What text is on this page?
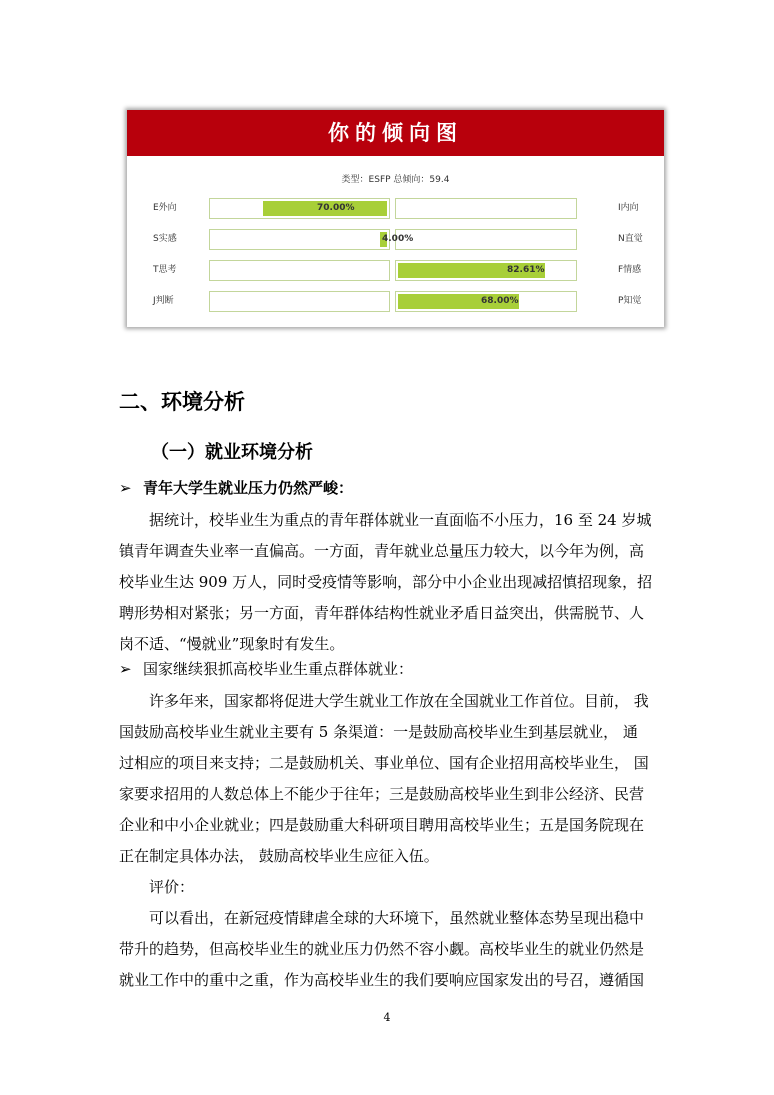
你的倾向图
类型：ESFP 总倾向：59.4
E外向	I内向
70.00%
S实感	N直觉
4.00%
T思考	F情感
82.61%
J判断	P知觉
68.00%
二、环境分析
（一）就业环境分析
➢ 青年大学生就业压力仍然严峻：
据统计，校毕业生为重点的青年群体就业一直面临不小压力，16 至 24 岁城
镇青年调查失业率一直偏高。一方面，青年就业总量压力较大，以今年为例，高
校毕业生达 909 万人，同时受疫情等影响，部分中小企业出现减招慎招现象，招
聘形势相对紧张；另一方面，青年群体结构性就业矛盾日益突出，供需脱节、人
岗不适、“慢就业”现象时有发生。
➢ 国家继续狠抓高校毕业生重点群体就业：
许多年来，国家都将促进大学生就业工作放在全国就业工作首位。目前， 我
国鼓励高校毕业生就业主要有 5 条渠道：一是鼓励高校毕业生到基层就业， 通
过相应的项目来支持；二是鼓励机关、事业单位、国有企业招用高校毕业生， 国
家要求招用的人数总体上不能少于往年；三是鼓励高校毕业生到非公经济、民营
企业和中小企业就业；四是鼓励重大科研项目聘用高校毕业生；五是国务院现在
正在制定具体办法， 鼓励高校毕业生应征入伍。
评价：
可以看出，在新冠疫情肆虐全球的大环境下，虽然就业整体态势呈现出稳中
带升的趋势，但高校毕业生的就业压力仍然不容小觑。高校毕业生的就业仍然是
就业工作中的重中之重，作为高校毕业生的我们要响应国家发出的号召，遵循国
4
